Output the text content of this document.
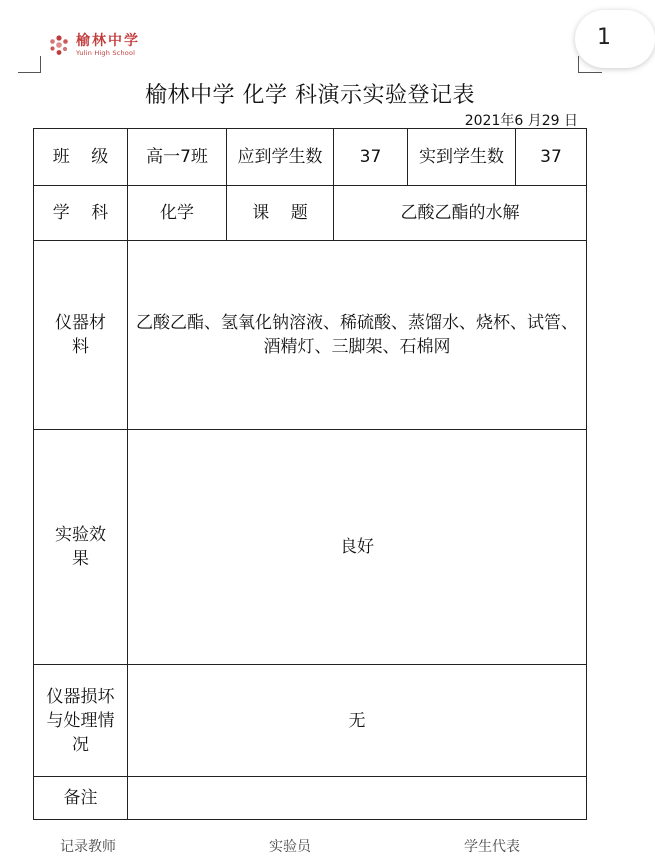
榆林中学
Yulin High School
1
榆林中学 化学 科演示实验登记表
2021年6 月29 日
班 级	高一7班	应到学生数	37	实到学生数	37
学 科	化学	课 题	乙酸乙酯的水解		
仪器材料	乙酸乙酯、氢氧化钠溶液、稀硫酸、蒸馏水、烧杯、试管、酒精灯、三脚架、石棉网				
实验效果	良好				
仪器损坏与处理情况	无				
备注					
记录教师	实验员	学生代表
